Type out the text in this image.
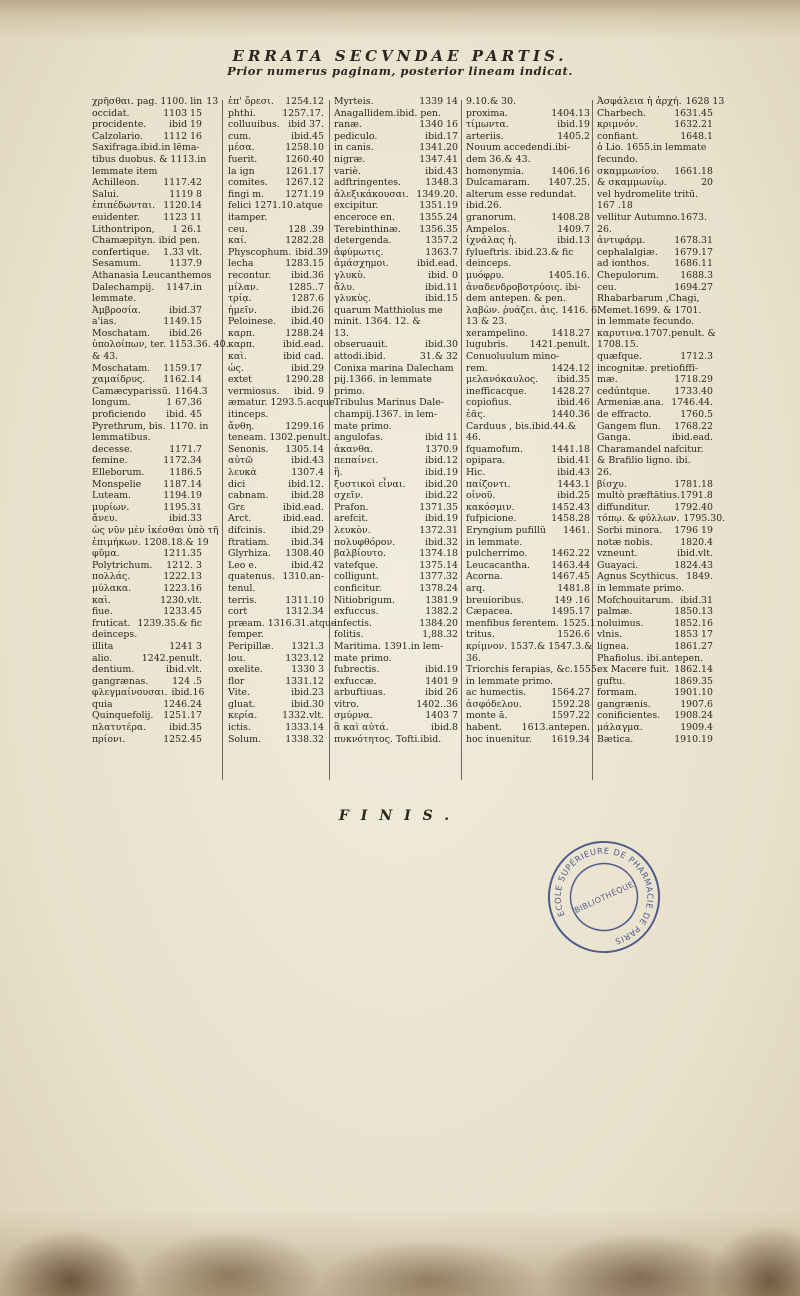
ERRATA SECVNDAE PARTIS.
Prior numerus paginam, posterior lineam indicat.
χρῆσθαι. pag. 1100. lin 13
occidat.	1103 15
procidente. ibid 19
Calzolario. 1112 16
Saxifraga.ibid.in lēma-
tibus duobus. & 1113.in
lemmate item
Achilleon.	1117.42
Salui.	1119 8
ἐπιπέδωνται. 1120.14
euidenter. 1123 11
Lithontripon, 1 26.1
Chamæpityn. ibid pen.
confertique. 1.33 vlt.
Sesamum.	1137.9
Athanasia Leucanthemos
Dalechampij. 1147.in
lemmate.
Ἀμβροσία.	ibid.37
a'ias.	1149.15
Moschatam. ibid.26
ὑπολοίπων, ter. 1153.36. 40.
& 43.
Moschatam. 1159.17
χαμαίδρυς. 1162.14
Camæcyparissū. 1164.3
longum.	1 67.36
proficiendo ibid. 45
Pyrethrum, bis. 1170. in
lemmatibus.
decesse.	1171.7
femine.	1172.34
Elleborum.	1186.5
Monspelie 1187.14
Luteam.	1194.19
μυρίων.	1195.31
ἄνευ.	ibid.33
ὡς νῦν μὲν ἱκέσθαι ὑπὸ τῆ
ἐπιμήκων. 1208.18.& 19
φῦμα.	1211.35
Polytrichum. 1212. 3
πολλάς.	1222.13
μύλακα.	1223.16
καὶ.	1230.vlt.
fiue.	1233.45
fruticat. 1239.35.& fic
deinceps.
illita	1241 3
alio.	1242.penult.
dentium.	ibid.vlt.
gangrænas.	124 .5
φλεγμαίνουσαι. ibid.16
quia	1246.24
Quinquefolij. 1251.17
πλατυτέρα. ibid.35
πρίονι.	1252.45
ἐπ' ὄρεσι. 1254.12
phthi.	1257.17.
colluuibus. ibid 37.
cum.	ibid.45
μέσα.	1258.10
fuerit.	1260.40
la ign	1261.17
comites. 1267.12
fingi m. 1271.19
felici 1271.10.atque
itamper.
ceu.	128 .39
καί.	1282.28
Physcophum. ibid.39
lecha	1283.15
recontur. ibid.36
μίλαν.	1285..7
τρίᾳ.	1287.6
ἠμεῖν.	ibid.26
Peloinese. ibid.40
καρπ.	1288.24
καρπ.	ibid.ead.
καὶ.	ibid cad.
ὡς.	ibid.29
extet	1290.28
vermiosus. ibid. 9
æmatur. 1293.5.acque
itinceps.
ἄνθη.	1299.16
teneam. 1302.penult.
Senonis. 1305.14
αὐτῶ	ibid.43
λευκὰ	1307.4
dici	ibid.12.
cabnam. ibid.28
Grε	ibid.ead.
Arct.	ibid.ead.
difcinis.	ibid.29
ftratiam. ibid.34
Glyrhiza. 1308.40
Leo e.	ibid.42
quatenus. 1310.an-
tenul.
terris.	1311.10
cort	1312.34
præam. 1316.31.atque
femper.
Peripillæ. 1321.3
lou.	1323.12
oxelite.	1330 3
flor	1331.12
Vite.	ibid.23
gluat.	ibid.30
κερία.	1332.vlt.
ictis.	1333.14
Solum.	1338.32
Myrteis.	1339 14
Anagallidem.ibid. pen.
ranæ.	1340 16
pediculo.	ibid.17
in canis.	1341.20
nigræ.	1347.41
variè.	ibid.43
adftringentes.	1348.3
ἀλεξικάκουσαι. 1349.20.
excipitur.	1351.19
enceroce en.	1355.24
Terebinthinæ. 1356.35
detergenda.	1357.2
ἀφύμωτις.	1363.7
ἀμάσχημοι.	ibid.ead.
γλυκὺ.	ibid. 0
ἄλυ.	ibid.11
γλυκὺς.	ibid.15
quarum Matthiolus me
minit. 1364. 12. &
13.
obseruauit.	ibid.30
attodi.ibid.	31.& 32
Conixa marina Dalecham
pij.1366. in lemmate
primo.
Tribulus Marinus Dale-
champij.1367. in lem-
mate primo.
angulofas.	ibid 11
ἀκανθα.	1370.9
πεπαίνει.	ibid.12
ἢ.	ibid.19
ξυστικοὶ εἶναι. ibid.20
σχεῖν.	ibid.22
Prafon.	1371.35
arefcit.	ibid.19
λευκὸν.	1372.31
πολυφθόρον.	ibid.32
βαλβίουτο.	1374.18
vatefque.	1375.14
colligunt.	1377.32
conficitur.	1378.24
Nitiobrigum.	1381.9
exfuccus.	1382.2
infectis.	1384.20
folitis.	1,88.32
Maritima. 1391.in lem-
mate primo.
fubrectis.	ibid.19
exfuccæ.	1401 9
arbuftiuas.	ibid 26
vitro.	1402..36
σμύρνα.	1403 7
ἃ καὶ αὐτά.	ibid.8
πυκνότητος. Tofti.ibid.
9.10.& 30.
proxima.	1404.13
τίμωντα.	ibid.19
arteriis.	1405.2
Nouum accedendi.ibi-
dem 36.& 43.
homonymia.	1406.16
Dulcamaram. 1407.25.
alterum esse redundat.
ibid.26.
granorum.	1408.28
Ampelos.	1409.7
ἰχνάλας ἡ.	ibid.13
fylueftris. ibid.23.& fic
deinceps.
μυόφρυ.	1405.16.
ἀναδενδροβοτρύοις. ibi-
dem antepen. & pen.
λαβὼν. ῥυάζει. ἀις. 1416. 6.
13 & 23.
xerampelino. 1418.27
lugubris. 1421.penult.
Conuoluulum mino-
rem.	1424.12
μελανόκαυλος. ibid.35
inefficacque.	1428.27
copiofius.	ibid.46
ἐᾶς.	1440.36
Carduus , bis.ibid.44.&
46.
fquamofum.	1441.18
opipara.	ibid.41
Hic.	ibid.43
παίζοντι.	1443.1
οἰνοῦ.	ibid.25
κακόσμιν.	1452.43
fufpicione.	1458.28
Eryngium pufillū 1461.
in lemmate.
pulcherrimo.	1462.22
Leucacantha. 1463.44
Acorna.	1467.45
arq.	1481.8
breuioribus.	149 .16
Cæpacea.	1495.17
menfibus ferentem. 1525.1
tritus.	1526.6
κρίμνον. 1537.& 1547.3.&
36.
Triorchis ferapias, &c.1555.
in lemmate primo.
ac humectis.	1564.27
ἀσφόδελου.	1592.28
monte ā.	1597.22
habent. 1613.antepen.
hoc inuenitur. 1619.34
Ἀσφάλεια ἡ ἀρχή. 1628 13
Charbech.	1631.45
κριμνόν.	1632.21
confiant.	1648.1
ὁ Lio. 1655.in lemmate
fecundo.
σκαμμωνίου. 1661.18
& σκαμμωνίῳ.	20
vel hydromelite tritū.
167 .18
vellitur Autumno.1673.
26.
ἀντιφάρμ.	1678.31
cephalalgiæ. 1679.17
ad ionthos.	1686.11
Chepulorum. 1688.3
ceu.	1694.27
Rhabarbarum ,Chagi,
Memet.1699. & 1701.
in lemmate fecundo.
καρυτινα.1707.penult. &
1708.15.
quæfque.	1712.3
incognitæ. pretiofiffi-
mæ.	1718.29
cedúntque.	1733.40
Armeniæ.ana. 1746.44.
de effracto.	1760.5
Gangem flun. 1768.22
Ganga.	ibid.ead.
Charamandel nafcitur.
& Brafilio ligno. ibi.
26.
βίσχυ.	1781.18
multò præftātius.1791.8
diffunditur.	1792.40
τόπῳ. & φύλλων. 1795.30.
Sorbi minora. 1796 19
notæ nobis.	1820.4
vzneunt.	ibid.vlt.
Guayaci.	1824.43
Agnus Scythicus. 1849.
in lemmate primo.
Mofchouitarum. ibid.31
palmæ.	1850.13
noluimus.	1852.16
vlnis.	1853 17
lignea.	1861.27
Phafiolus. ibi.antepen.
ex Macere fuit. 1862.14
guftu.	1869.35
formam.	1901.10
gangrænis.	1907.6
conificientes. 1908.24
μάλαγμα.	1909.4
Bætica.	1910.19
FINIS.
ECOLE SUPÉRIEURE DE PHARMACIE DE PARIS
BIBLIOTHÈQUE
